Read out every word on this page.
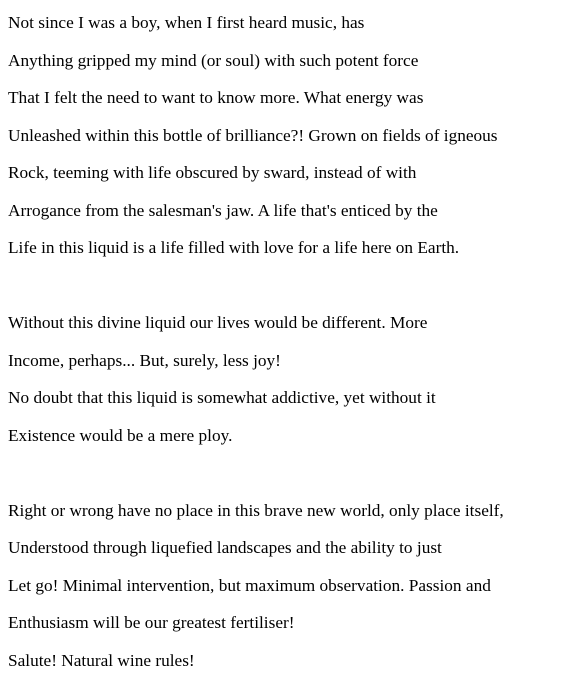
Not since I was a boy, when I first heard music, has
Anything gripped my mind (or soul) with such potent force
That I felt the need to want to know more. What energy was
Unleashed within this bottle of brilliance?! Grown on fields of igneous
Rock, teeming with life obscured by sward, instead of with
Arrogance from the salesman's jaw. A life that's enticed by the
Life in this liquid is a life filled with love for a life here on Earth.
Without this divine liquid our lives would be different. More
Income, perhaps... But, surely, less joy!
No doubt that this liquid is somewhat addictive, yet without it
Existence would be a mere ploy.
Right or wrong have no place in this brave new world, only place itself,
Understood through liquefied landscapes and the ability to just
Let go! Minimal intervention, but maximum observation. Passion and
Enthusiasm will be our greatest fertiliser!
Salute! Natural wine rules!
